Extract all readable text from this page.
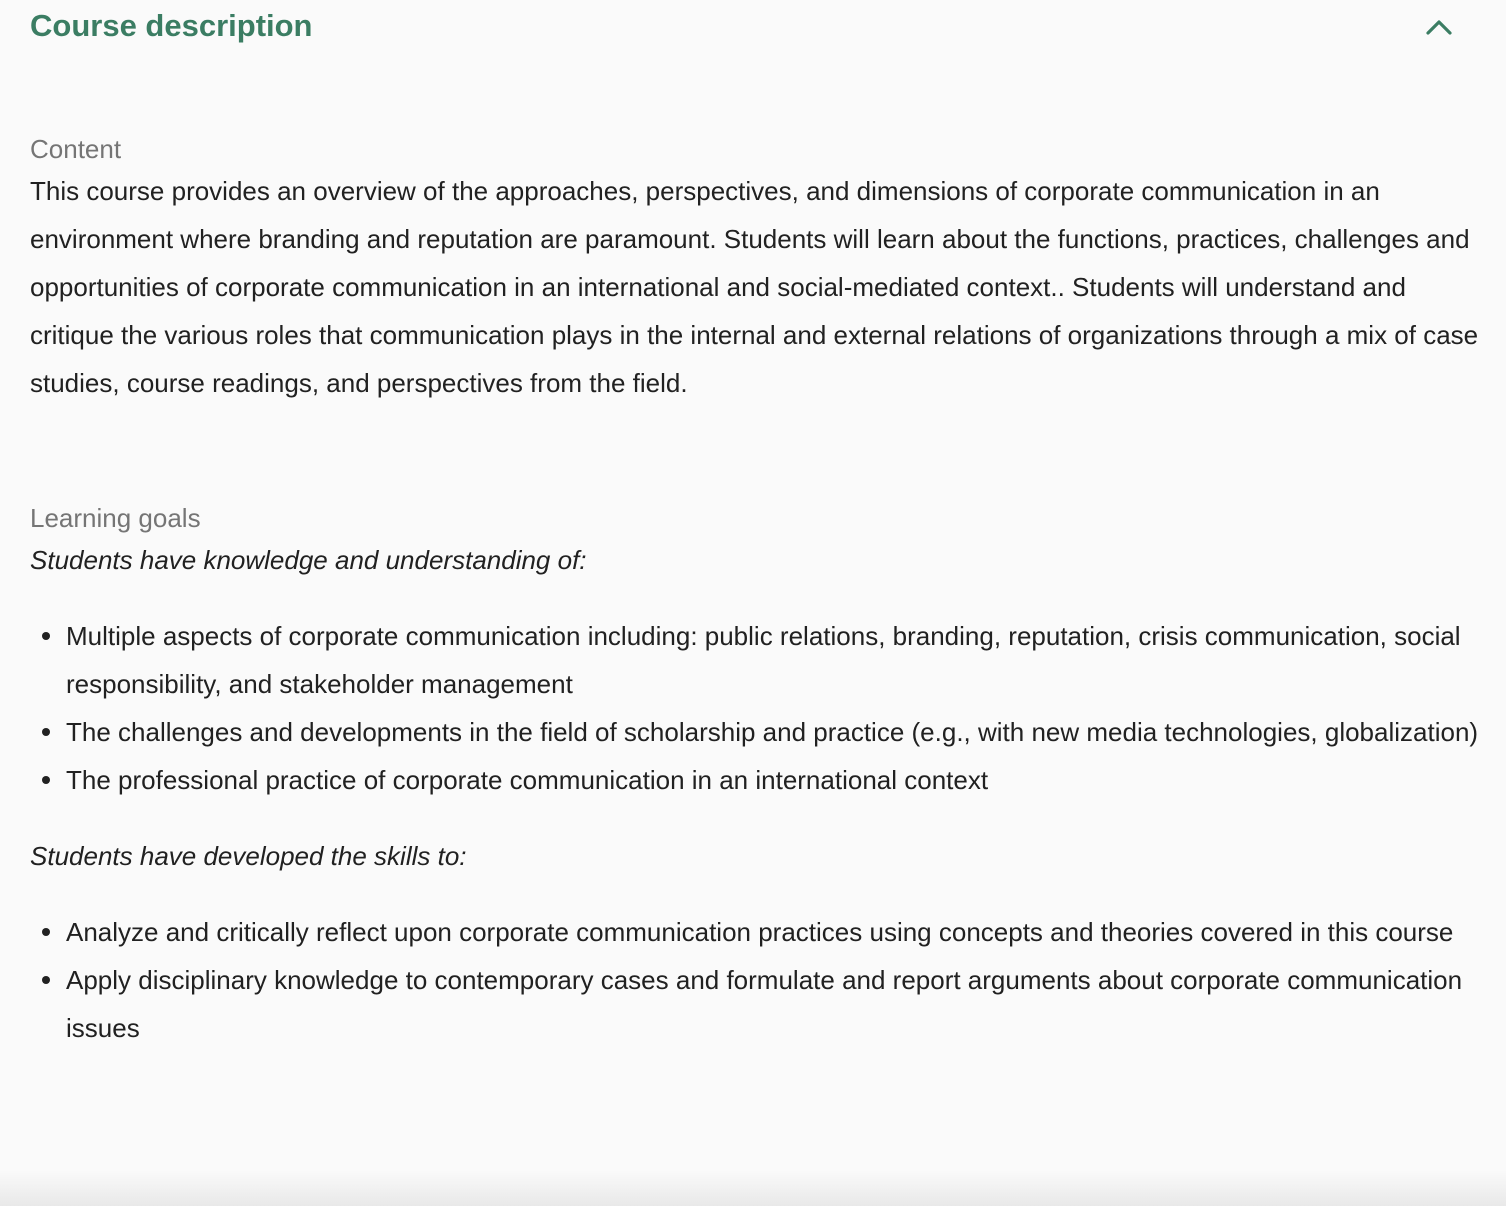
Course description

Content

This course provides an overview of the approaches, perspectives, and dimensions of corporate communication in an environment where branding and reputation are paramount. Students will learn about the functions, practices, challenges and opportunities of corporate communication in an international and social-mediated context.. Students will understand and critique the various roles that communication plays in the internal and external relations of organizations through a mix of case studies, course readings, and perspectives from the field.

Learning goals

Students have knowledge and understanding of:

Multiple aspects of corporate communication including: public relations, branding, reputation, crisis communication, social responsibility, and stakeholder management
The challenges and developments in the field of scholarship and practice (e.g., with new media technologies, globalization)
The professional practice of corporate communication in an international context

Students have developed the skills to:

Analyze and critically reflect upon corporate communication practices using concepts and theories covered in this course
Apply disciplinary knowledge to contemporary cases and formulate and report arguments about corporate communication issues
